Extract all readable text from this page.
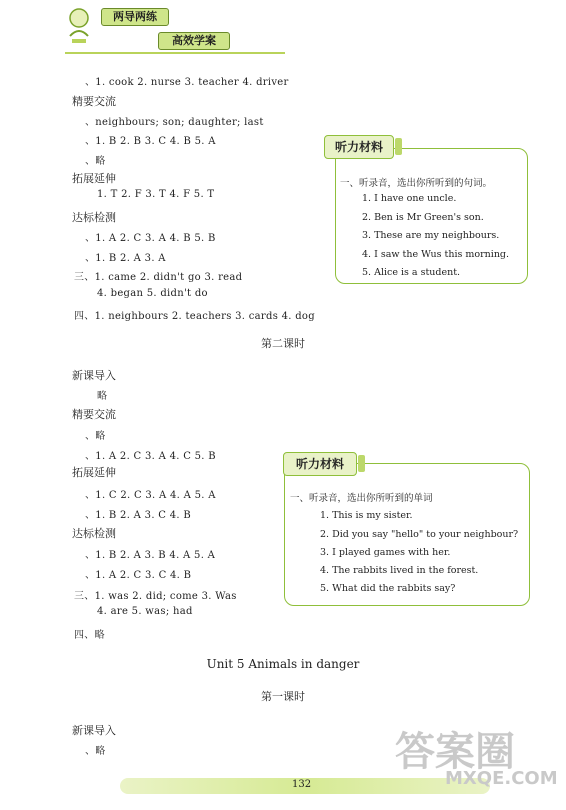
两导两练
高效学案
、1. cook 2. nurse 3. teacher 4. driver
精要交流
、neighbours; son; daughter; last
、1. B 2. B 3. C 4. B 5. A
、略
拓展延伸
1. T 2. F 3. T 4. F 5. T
达标检测
、1. A 2. C 3. A 4. B 5. B
、1. B 2. A 3. A
三、1. came 2. didn't go 3. read
4. began 5. didn't do
四、1. neighbours 2. teachers 3. cards 4. dog
听力材料
一、听录音，选出你所听到的句词。
1. I have one uncle.
2. Ben is Mr Green's son.
3. These are my neighbours.
4. I saw the Wus this morning.
5. Alice is a student.
第二课时
新课导入
略
精要交流
、略
、1. A 2. C 3. A 4. C 5. B
拓展延伸
、1. C 2. C 3. A 4. A 5. A
、1. B 2. A 3. C 4. B
达标检测
、1. B 2. A 3. B 4. A 5. A
、1. A 2. C 3. C 4. B
三、1. was 2. did; come 3. Was
4. are 5. was; had
四、略
听力材料
一、听录音，选出你所听到的单词
1. This is my sister.
2. Did you say "hello" to your neighbour?
3. I played games with her.
4. The rabbits lived in the forest.
5. What did the rabbits say?
Unit 5 Animals in danger
第一课时
新课导入
、略
132
答案圈
MXQE.COM
